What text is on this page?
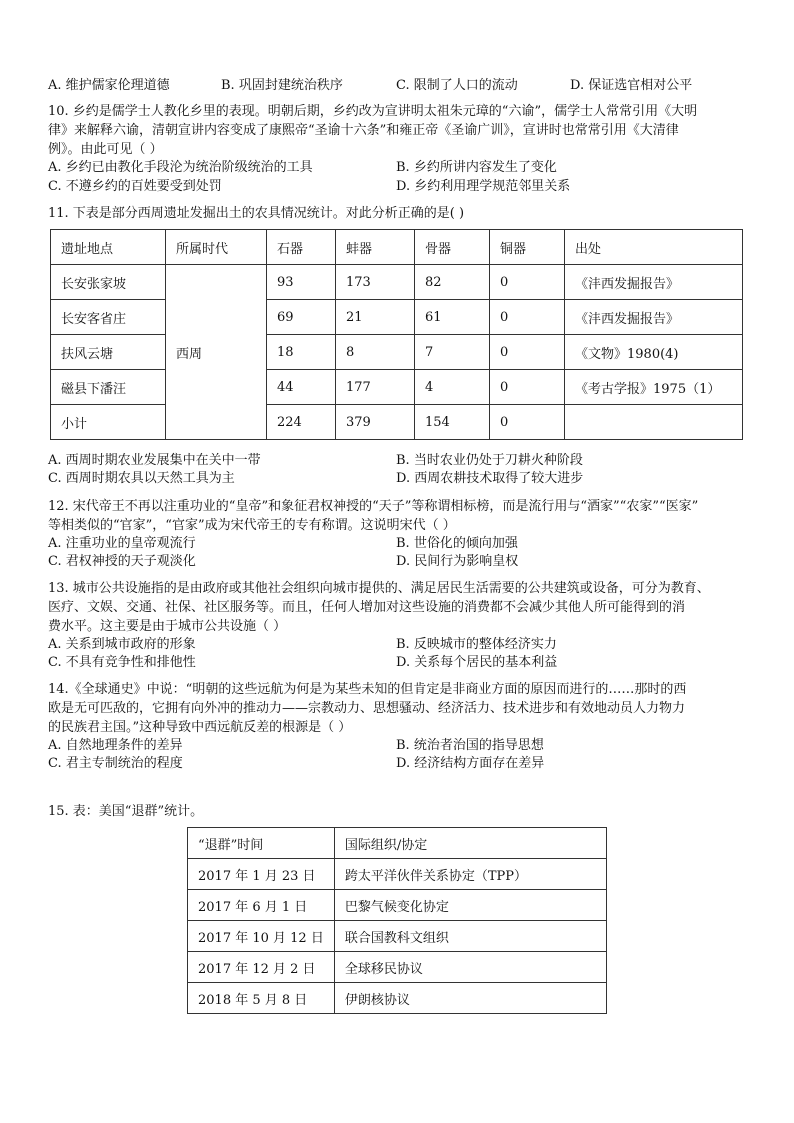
A. 维护儒家伦理道德	B. 巩固封建统治秩序	C. 限制了人口的流动	D. 保证选官相对公平
10. 乡约是儒学士人教化乡里的表现。明朝后期，乡约改为宣讲明太祖朱元璋的“六谕”，儒学士人常常引用《大明
律》来解释六谕，清朝宣讲内容变成了康熙帝“圣谕十六条”和雍正帝《圣谕广训》，宣讲时也常常引用《大清律
例》。由此可见（ ）
A. 乡约已由教化手段沦为统治阶级统治的工具	B. 乡约所讲内容发生了变化
C. 不遵乡约的百姓要受到处罚	D. 乡约利用理学规范邻里关系
11. 下表是部分西周遗址发掘出土的农具情况统计。对此分析正确的是( )
遗址地点	所属时代	石器	蚌器	骨器	铜器	出处
长安张家坡	西周	93	173	82	0	《沣西发掘报告》
长安客省庄		69	21	61	0	《沣西发掘报告》
扶风云塘		18	8	7	0	《文物》1980(4)
磁县下潘汪		44	177	4	0	《考古学报》1975（1）
小计		224	379	154	0	
A. 西周时期农业发展集中在关中一带	B. 当时农业仍处于刀耕火种阶段
C. 西周时期农具以天然工具为主	D. 西周农耕技术取得了较大进步
12. 宋代帝王不再以注重功业的“皇帝”和象征君权神授的“天子”等称谓相标榜，而是流行用与“酒家”“农家”“医家”
等相类似的“官家”，“官家”成为宋代帝王的专有称谓。这说明宋代（ ）
A. 注重功业的皇帝观流行	B. 世俗化的倾向加强
C. 君权神授的天子观淡化	D. 民间行为影响皇权
13. 城市公共设施指的是由政府或其他社会组织向城市提供的、满足居民生活需要的公共建筑或设备，可分为教育、
医疗、文娱、交通、社保、社区服务等。而且，任何人增加对这些设施的消费都不会减少其他人所可能得到的消
费水平。这主要是由于城市公共设施（ ）
A. 关系到城市政府的形象	B. 反映城市的整体经济实力
C. 不具有竞争性和排他性	D. 关系每个居民的基本利益
14.《全球通史》中说：“明朝的这些远航为何是为某些未知的但肯定是非商业方面的原因而进行的……那时的西
欧是无可匹敌的，它拥有向外冲的推动力——宗教动力、思想骚动、经济活力、技术进步和有效地动员人力物力
的民族君主国。”这种导致中西远航反差的根源是（ ）
A. 自然地理条件的差异	B. 统治者治国的指导思想
C. 君主专制统治的程度	D. 经济结构方面存在差异
15. 表：美国“退群”统计。
“退群”时间	国际组织/协定
2017 年 1 月 23 日	跨太平洋伙伴关系协定（TPP）
2017 年 6 月 1 日	巴黎气候变化协定
2017 年 10 月 12 日	联合国教科文组织
2017 年 12 月 2 日	全球移民协议
2018 年 5 月 8 日	伊朗核协议
